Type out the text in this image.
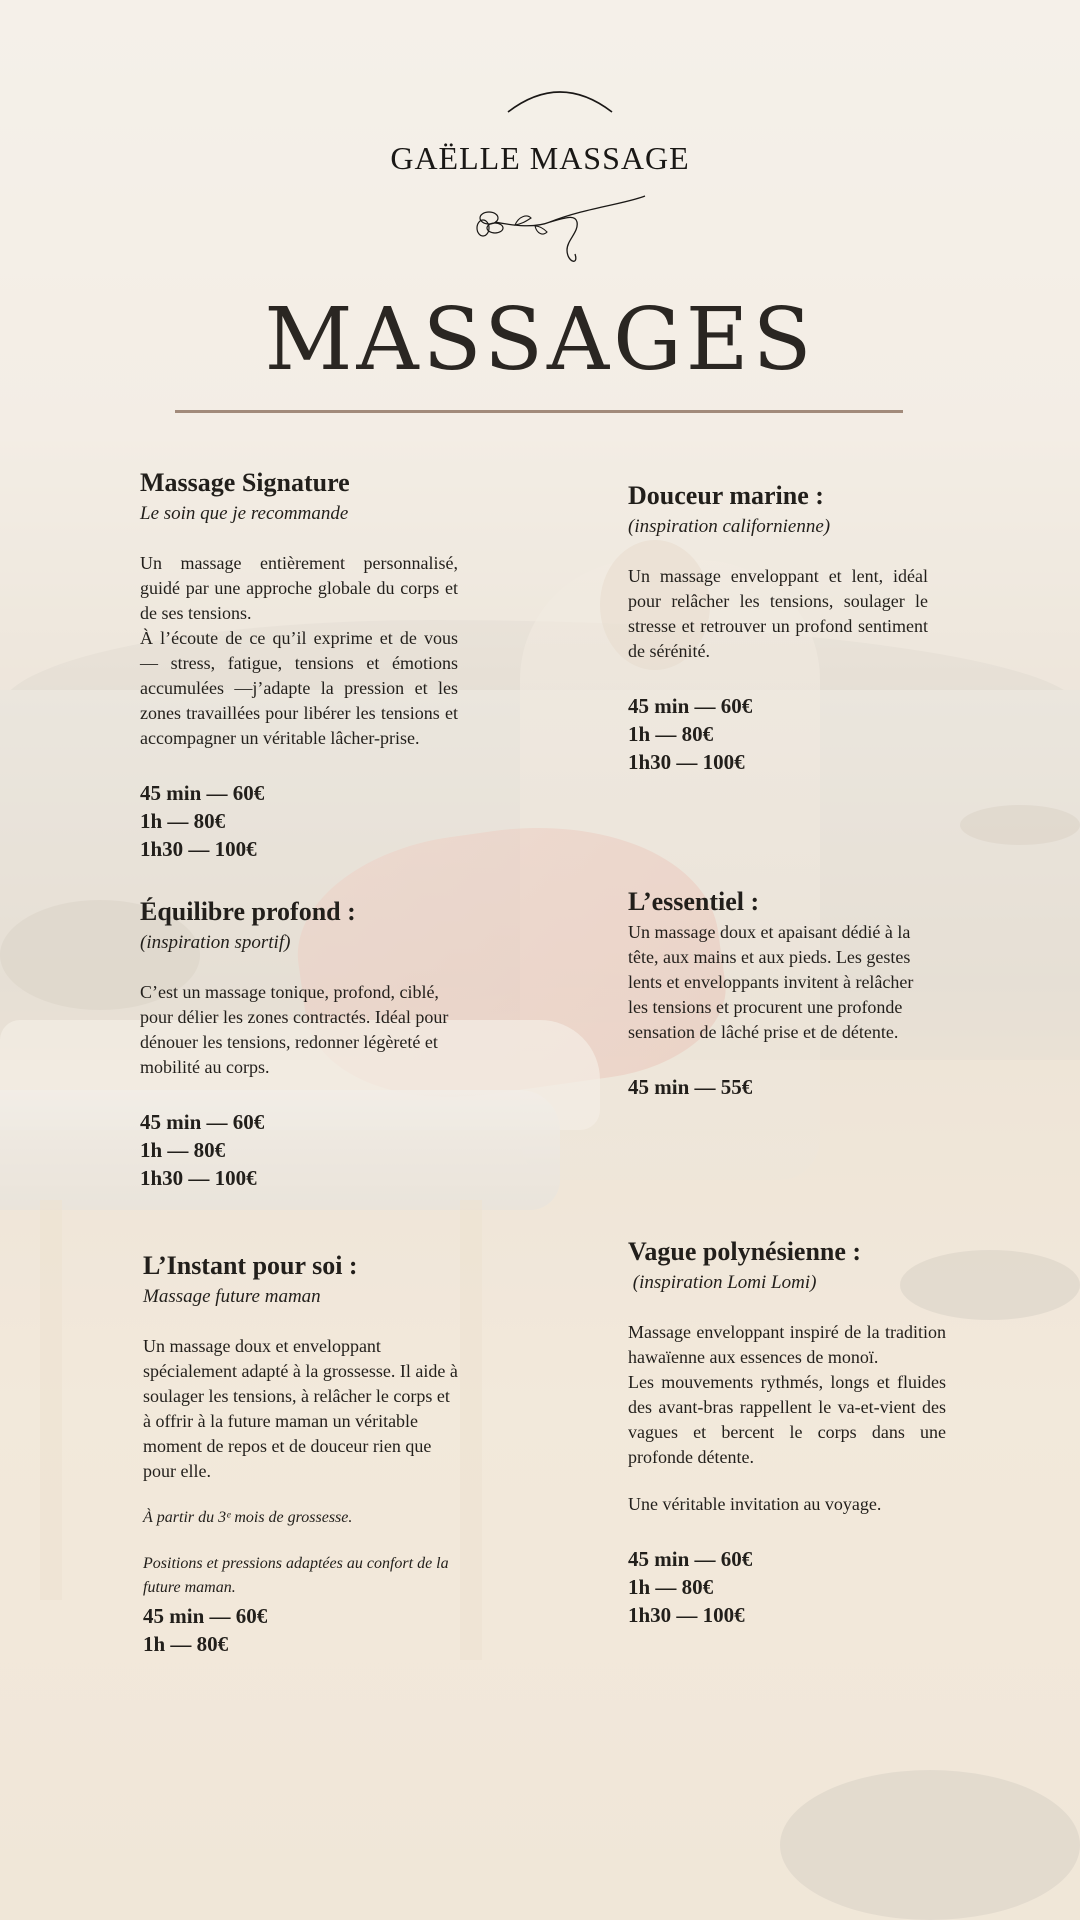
GAËLLE MASSAGE
MASSAGES
Massage Signature
Le soin que je recommande
Un massage entièrement personnalisé, guidé par une approche globale du corps et de ses tensions.
À l’écoute de ce qu’il exprime et de vous — stress, fatigue, tensions et émotions accumulées —j’adapte la pression et les zones travaillées pour libérer les tensions et accompagner un véritable lâcher-prise.
45 min — 60€
1h — 80€
1h30 — 100€
Équilibre profond :
(inspiration sportif)
C’est un massage tonique, profond, ciblé, pour délier les zones contractés. Idéal pour dénouer les tensions, redonner légèreté et mobilité au corps.
45 min — 60€
1h — 80€
1h30 — 100€
L’Instant pour soi :
Massage future maman
Un massage doux et enveloppant spécialement adapté à la grossesse. Il aide à soulager les tensions, à relâcher le corps et à offrir à la future maman un véritable moment de repos et de douceur rien que pour elle.
À partir du 3ᵉ mois de grossesse.
Positions et pressions adaptées au confort de la future maman.
45 min — 60€
1h — 80€
Douceur marine :
(inspiration californienne)
Un massage enveloppant et lent, idéal pour relâcher les tensions, soulager le stresse et retrouver un profond sentiment de sérénité.
45 min — 60€
1h — 80€
1h30 — 100€
L’essentiel :
Un massage doux et apaisant dédié à la tête, aux mains et aux pieds. Les gestes lents et enveloppants invitent à relâcher les tensions et procurent une profonde sensation de lâché prise et de détente.
45 min — 55€
Vague polynésienne :
(inspiration Lomi Lomi)
Massage enveloppant inspiré de la tradition hawaïenne aux essences de monoï.
Les mouvements rythmés, longs et fluides des avant-bras rappellent le va-et-vient des vagues et bercent le corps dans une profonde détente.
Une véritable invitation au voyage.
45 min — 60€
1h — 80€
1h30 — 100€
